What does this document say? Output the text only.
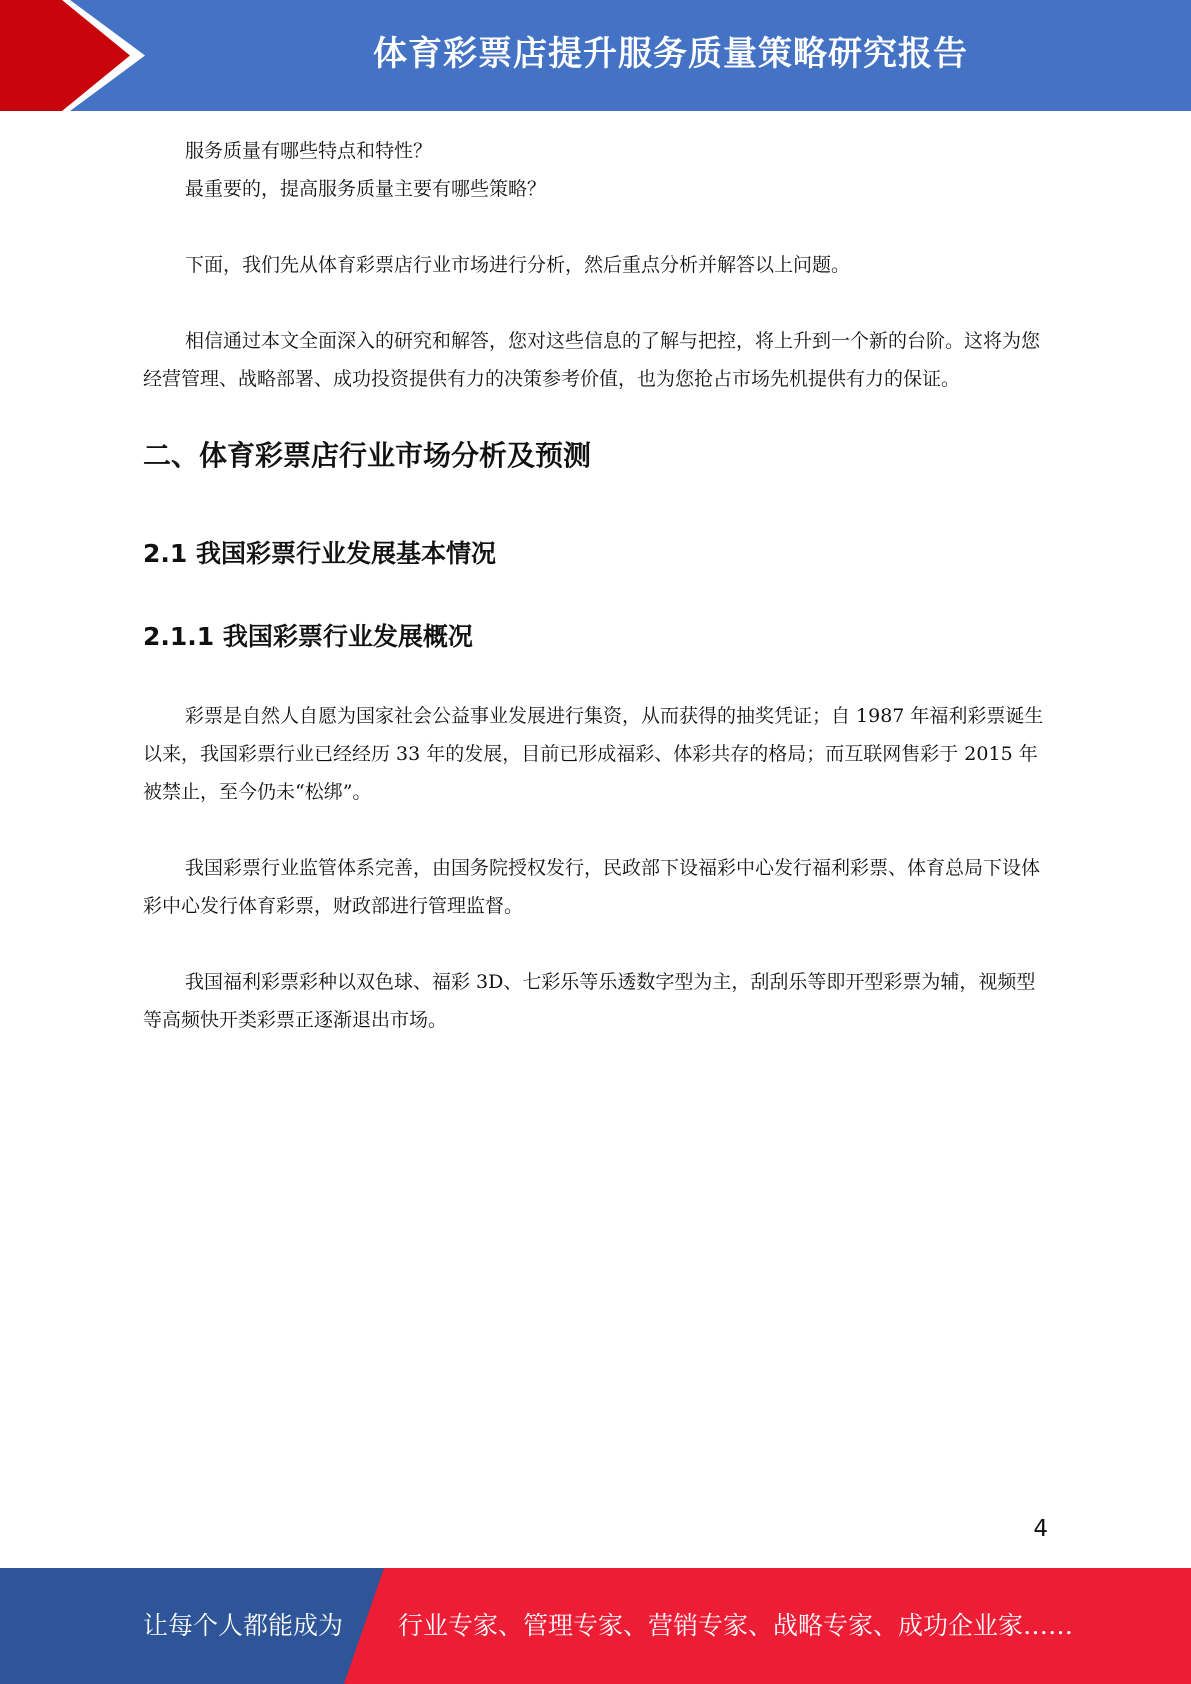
体育彩票店提升服务质量策略研究报告

服务质量有哪些特点和特性？

最重要的，提高服务质量主要有哪些策略？

下面，我们先从体育彩票店行业市场进行分析，然后重点分析并解答以上问题。

相信通过本文全面深入的研究和解答，您对这些信息的了解与把控，将上升到一个新的台阶。这将为您经营管理、战略部署、成功投资提供有力的决策参考价值，也为您抢占市场先机提供有力的保证。

二、体育彩票店行业市场分析及预测
2.1 我国彩票行业发展基本情况
2.1.1 我国彩票行业发展概况

彩票是自然人自愿为国家社会公益事业发展进行集资，从而获得的抽奖凭证；自 1987 年福利彩票诞生以来，我国彩票行业已经经历 33 年的发展，目前已形成福彩、体彩共存的格局；而互联网售彩于 2015 年被禁止，至今仍未“松绑”。

我国彩票行业监管体系完善，由国务院授权发行，民政部下设福彩中心发行福利彩票、体育总局下设体彩中心发行体育彩票，财政部进行管理监督。

我国福利彩票彩种以双色球、福彩 3D、七彩乐等乐透数字型为主，刮刮乐等即开型彩票为辅，视频型等高频快开类彩票正逐渐退出市场。

4
让每个人都能成为 行业专家、管理专家、营销专家、战略专家、成功企业家……
